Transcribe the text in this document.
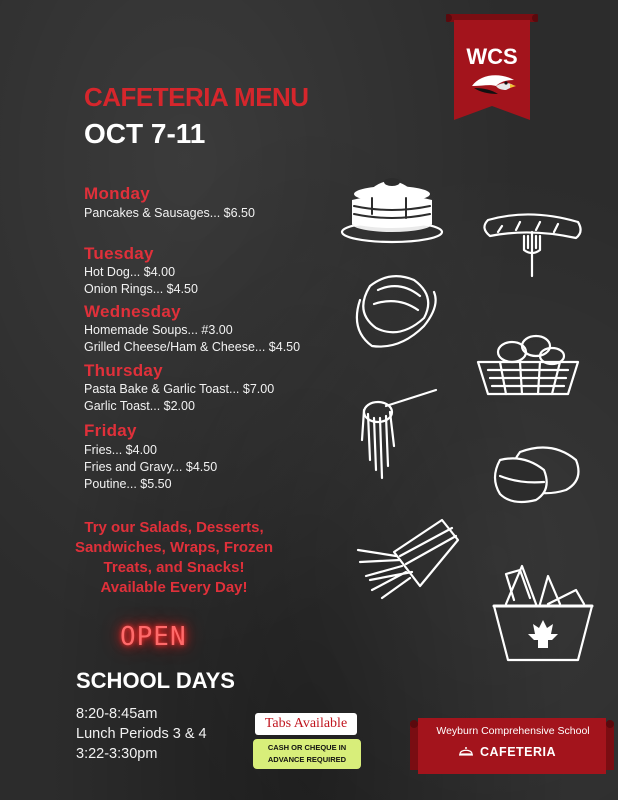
WCS
CAFETERIA MENU
OCT 7-11
Monday
Pancakes & Sausages... $6.50
Tuesday
Hot Dog... $4.00
Onion Rings... $4.50
Wednesday
Homemade Soups... #3.00
Grilled Cheese/Ham & Cheese... $4.50
Thursday
Pasta Bake & Garlic Toast... $7.00
Garlic Toast... $2.00
Friday
Fries... $4.00
Fries and Gravy... $4.50
Poutine... $5.50
Try our Salads, Desserts,
Sandwiches, Wraps, Frozen
Treats, and Snacks!
Available Every Day!
OPEN
SCHOOL DAYS
8:20-8:45am
Lunch Periods 3 & 4
3:22-3:30pm
Tabs Available
CASH OR CHEQUE IN
ADVANCE REQUIRED
Weyburn Comprehensive School
CAFETERIA
